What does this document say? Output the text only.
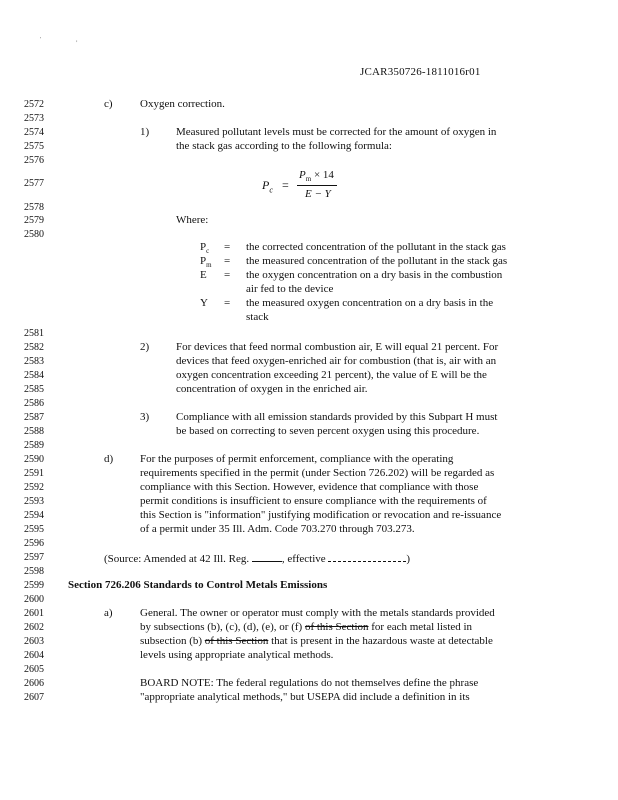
'	,
JCAR350726-1811016r01
2572
2573
2574
2575
2576
2577
2578
2579
2580
2581
2582
2583
2584
2585
2586
2587
2588
2589
2590
2591
2592
2593
2594
2595
2596
2597
2598
2599
2600
2601
2602
2603
2604
2605
2606
2607
c) Oxygen correction.
1) Measured pollutant levels must be corrected for the amount of oxygen in
the stack gas according to the following formula:
$P_c$ =
$P_m \times 14$
E − Y
Where:
$P_c$ = the corrected concentration of the pollutant in the stack gas
$P_m$ = the measured concentration of the pollutant in the stack gas
E = the oxygen concentration on a dry basis in the combustion
air fed to the device
Y = the measured oxygen concentration on a dry basis in the
stack
2) For devices that feed normal combustion air, E will equal 21 percent. For
devices that feed oxygen-enriched air for combustion (that is, air with an
oxygen concentration exceeding 21 percent), the value of E will be the
concentration of oxygen in the enriched air.
3) Compliance with all emission standards provided by this Subpart H must
be based on correcting to seven percent oxygen using this procedure.
d) For the purposes of permit enforcement, compliance with the operating
requirements specified in the permit (under Section 726.202) will be regarded as
compliance with this Section. However, evidence that compliance with those
permit conditions is insufficient to ensure compliance with the requirements of
this Section is "information" justifying modification or revocation and re-issuance
of a permit under 35 Ill. Adm. Code 703.270 through 703.273.
(Source: Amended at 42 Ill. Reg.	, effective	)
Section 726.206 Standards to Control Metals Emissions
a) General. The owner or operator must comply with the metals standards provided
by subsections (b), (c), (d), (e), or (f) of this Section for each metal listed in
subsection (b) of this Section that is present in the hazardous waste at detectable
levels using appropriate analytical methods.
BOARD NOTE: The federal regulations do not themselves define the phrase
"appropriate analytical methods," but USEPA did include a definition in its
